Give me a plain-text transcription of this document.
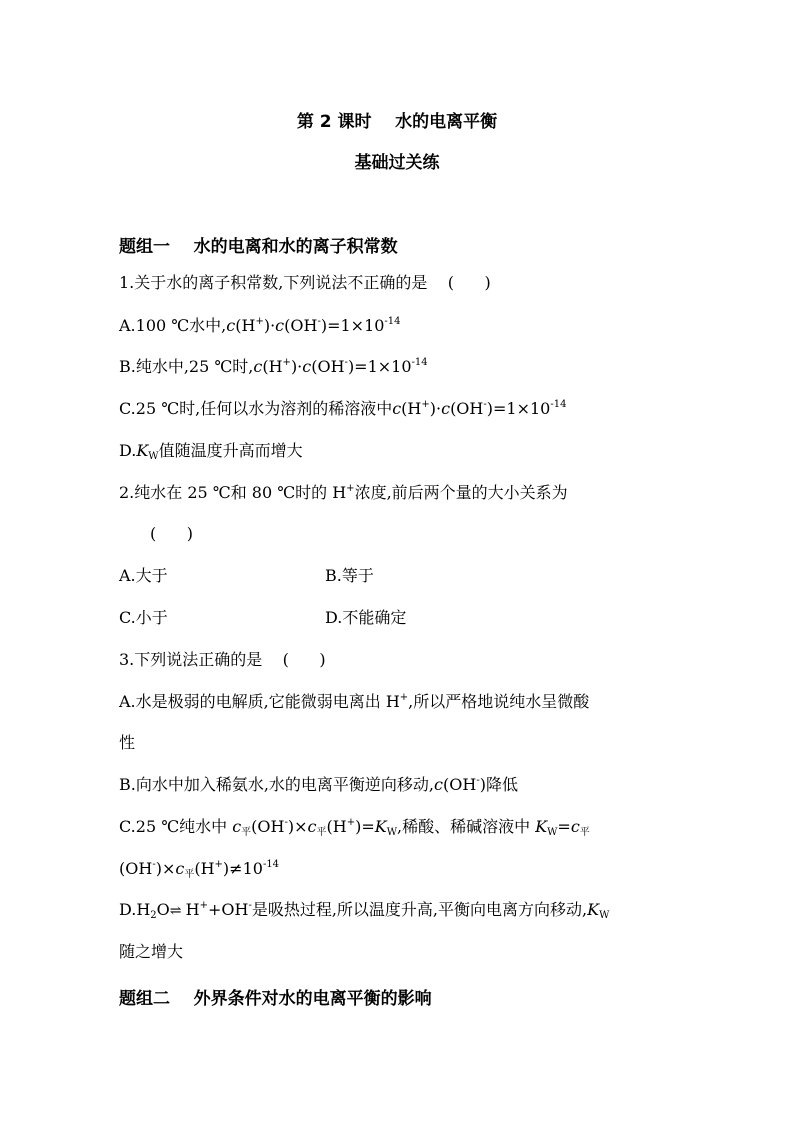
第 2 课时    水的电离平衡
基础过关练
题组一    水的电离和水的离子积常数
1.关于水的离子积常数,下列说法不正确的是    (      )
A.100 ℃水中$,c(H^+)\cdot c(OH^-)=1\times 10^{-14}$
B.纯水中,25 ℃时$,c(H^+)\cdot c(OH^-)=1\times 10^{-14}$
C.25 ℃时,任何以水为溶剂的稀溶液中$c(H^+)\cdot c(OH^-)=1\times 10^{-14}$
$D.K_W$值随温度升高而增大
2.纯水在 25 ℃和 80 ℃时的 H+浓度,前后两个量的大小关系为
(      )
A.大于	B.等于
C.小于	D.不能确定
3.下列说法正确的是    (      )
A.水是极弱的电解质,它能微弱电离出 H+,所以严格地说纯水呈微酸
性
B.向水中加入稀氨水,水的电离平衡逆向移动,c(OH-)降低
C.25 ℃纯水中 $c_平(OH^-)\times c_平(H^+)=K_W$,稀酸、稀碱溶液中 $K_W=c_平$
$(OH^-)\times c_平(H^+)\ne 10^{-14}$
$D.H_2O\rightleftharpoons$ H++OH-是吸热过程,所以温度升高,平衡向电离方向移动$,K_W$
随之增大
题组二    外界条件对水的电离平衡的影响
